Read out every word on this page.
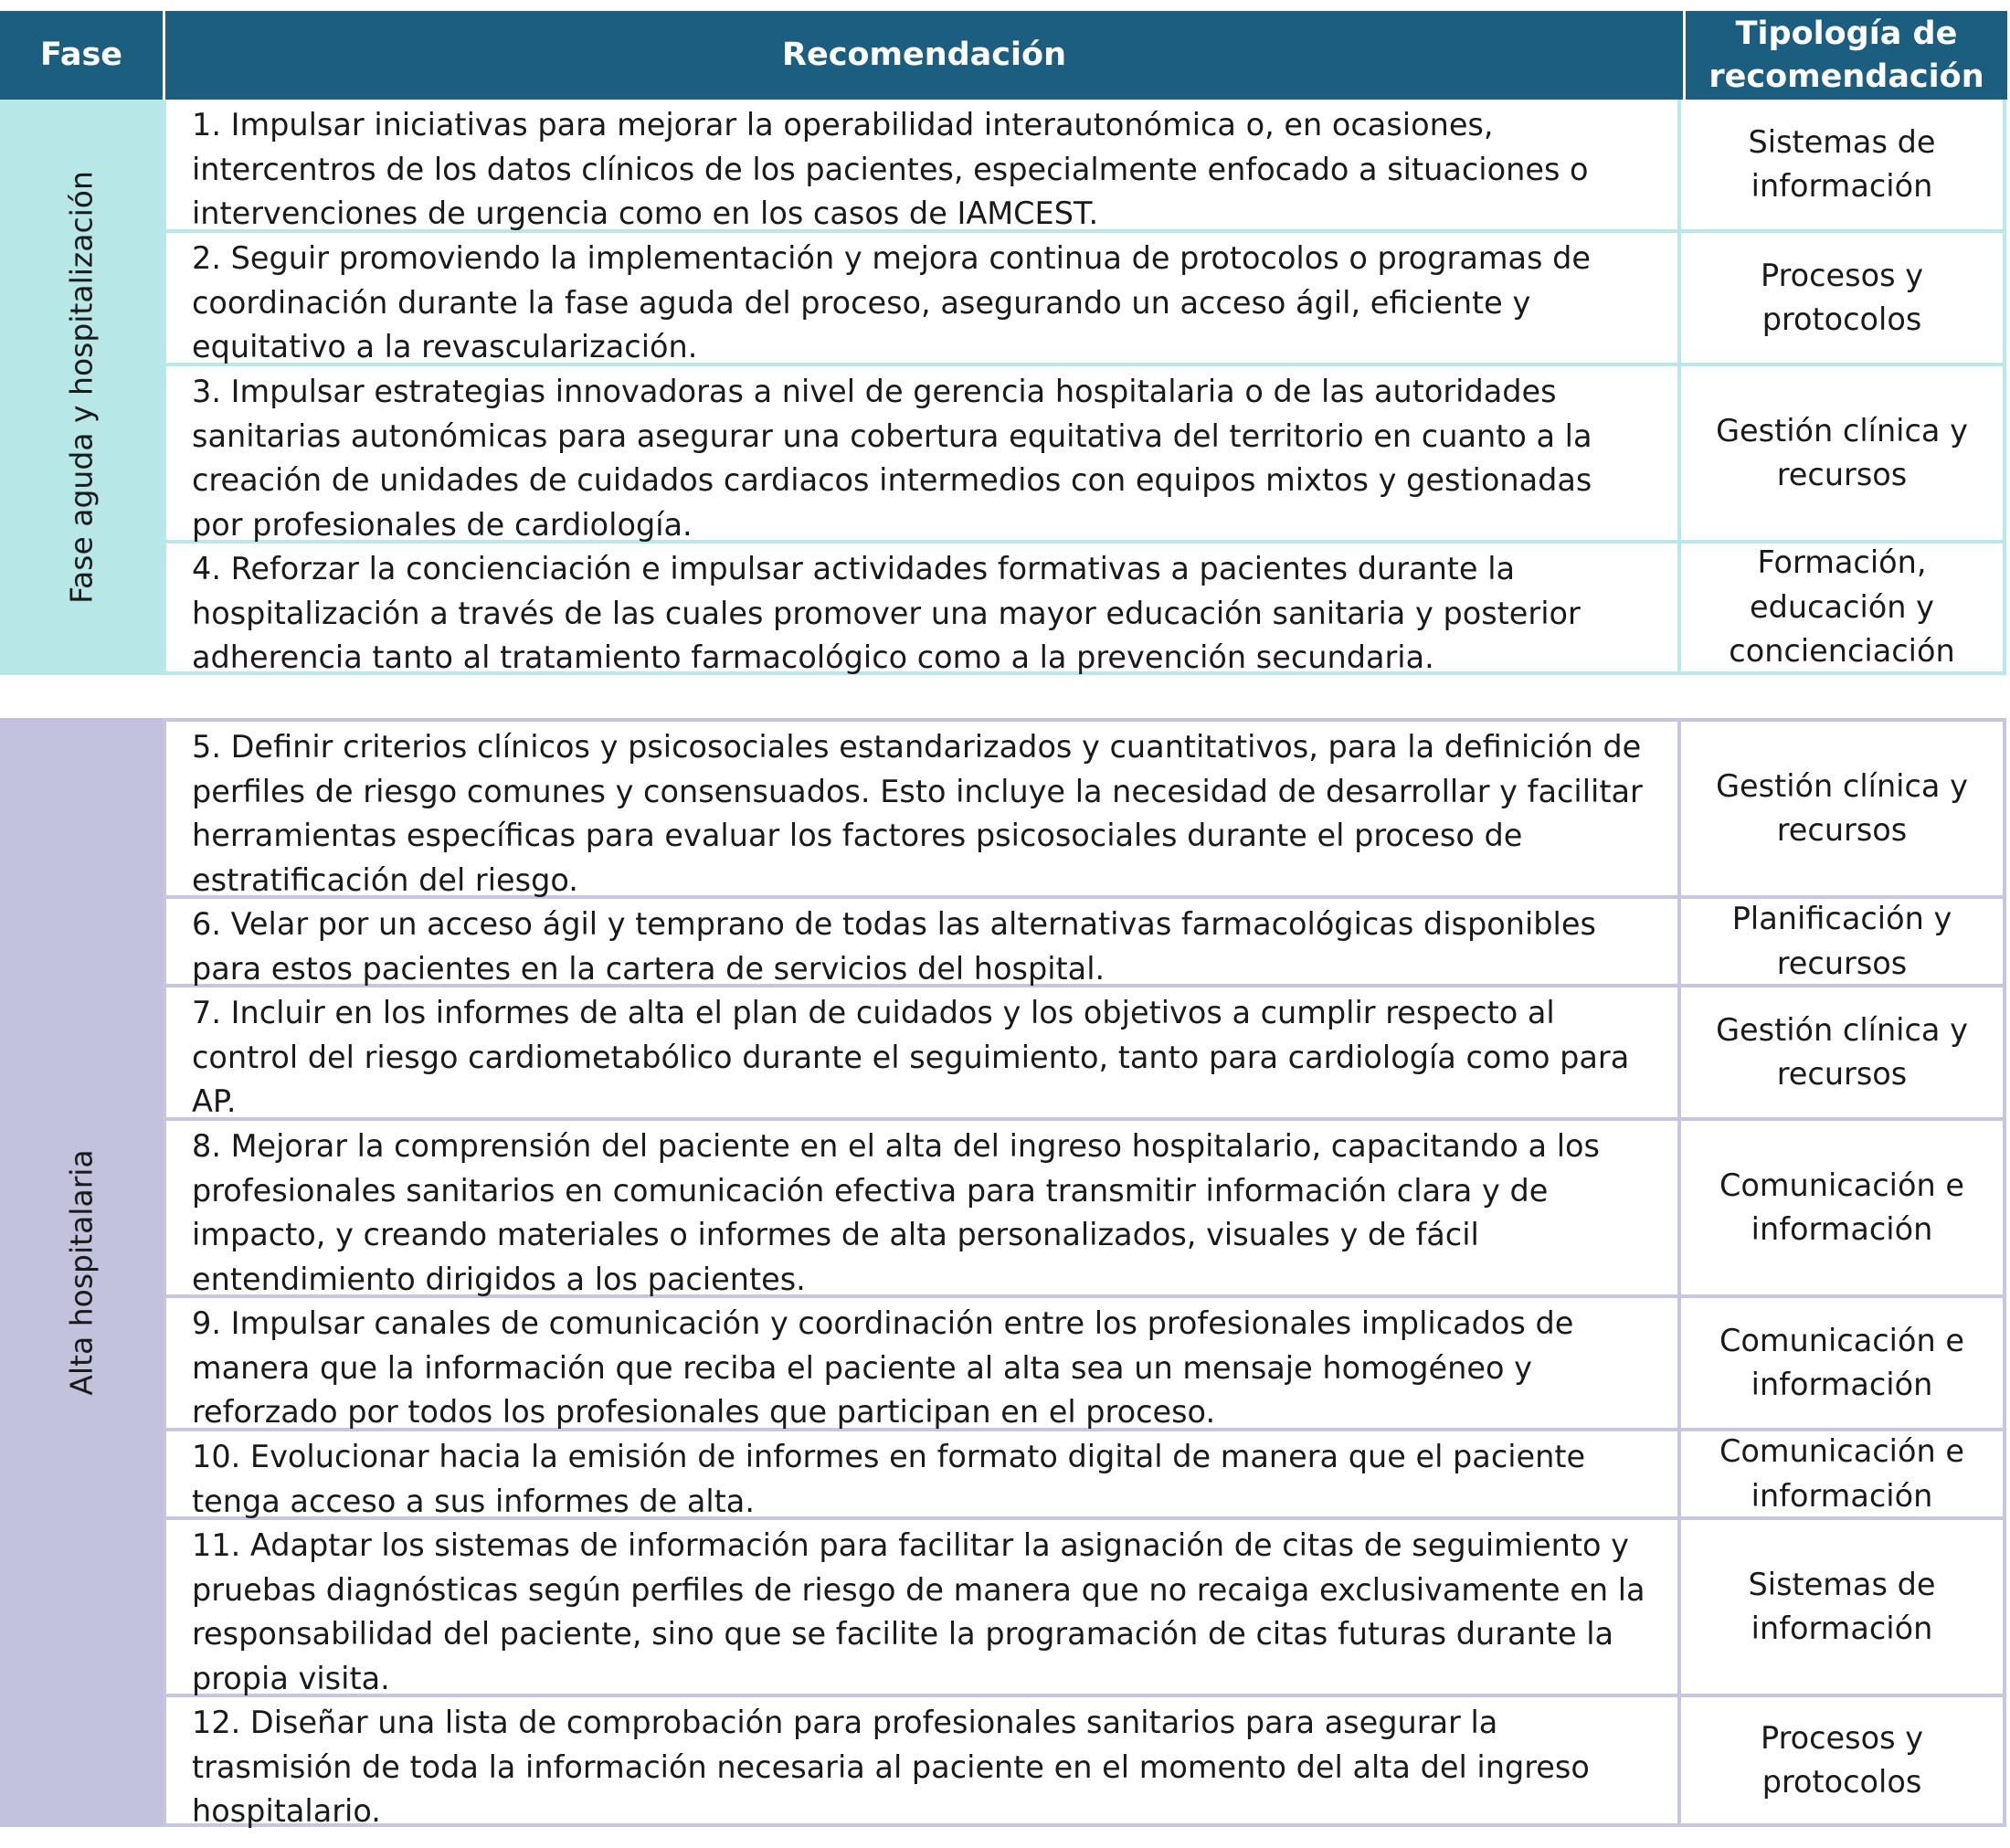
Fase	Recomendación
Tipología de
recomendación
Fase aguda y hospitalización
1. Impulsar iniciativas para mejorar la operabilidad interautonómica o, en ocasiones,
intercentros de los datos clínicos de los pacientes, especialmente enfocado a situaciones o
intervenciones de urgencia como en los casos de IAMCEST.
Sistemas de
información
2. Seguir promoviendo la implementación y mejora continua de protocolos o programas de
coordinación durante la fase aguda del proceso, asegurando un acceso ágil, eficiente y
equitativo a la revascularización.
Procesos y
protocolos
3. Impulsar estrategias innovadoras a nivel de gerencia hospitalaria o de las autoridades
sanitarias autonómicas para asegurar una cobertura equitativa del territorio en cuanto a la
creación de unidades de cuidados cardiacos intermedios con equipos mixtos y gestionadas
por profesionales de cardiología.
Gestión clínica y
recursos
4. Reforzar la concienciación e impulsar actividades formativas a pacientes durante la
hospitalización a través de las cuales promover una mayor educación sanitaria y posterior
adherencia tanto al tratamiento farmacológico como a la prevención secundaria.
Formación,
educación y
concienciación
Alta hospitalaria
5. Definir criterios clínicos y psicosociales estandarizados y cuantitativos, para la definición de
perfiles de riesgo comunes y consensuados. Esto incluye la necesidad de desarrollar y facilitar
herramientas específicas para evaluar los factores psicosociales durante el proceso de
estratificación del riesgo.
Gestión clínica y
recursos
6. Velar por un acceso ágil y temprano de todas las alternativas farmacológicas disponibles
para estos pacientes en la cartera de servicios del hospital.
Planificación y
recursos
7. Incluir en los informes de alta el plan de cuidados y los objetivos a cumplir respecto al
control del riesgo cardiometabólico durante el seguimiento, tanto para cardiología como para
AP.
Gestión clínica y
recursos
8. Mejorar la comprensión del paciente en el alta del ingreso hospitalario, capacitando a los
profesionales sanitarios en comunicación efectiva para transmitir información clara y de
impacto, y creando materiales o informes de alta personalizados, visuales y de fácil
entendimiento dirigidos a los pacientes.
Comunicación e
información
9. Impulsar canales de comunicación y coordinación entre los profesionales implicados de
manera que la información que reciba el paciente al alta sea un mensaje homogéneo y
reforzado por todos los profesionales que participan en el proceso.
Comunicación e
información
10. Evolucionar hacia la emisión de informes en formato digital de manera que el paciente
tenga acceso a sus informes de alta.
Comunicación e
información
11. Adaptar los sistemas de información para facilitar la asignación de citas de seguimiento y
pruebas diagnósticas según perfiles de riesgo de manera que no recaiga exclusivamente en la
responsabilidad del paciente, sino que se facilite la programación de citas futuras durante la
propia visita.
Sistemas de
información
12. Diseñar una lista de comprobación para profesionales sanitarios para asegurar la
trasmisión de toda la información necesaria al paciente en el momento del alta del ingreso
hospitalario.
Procesos y
protocolos
